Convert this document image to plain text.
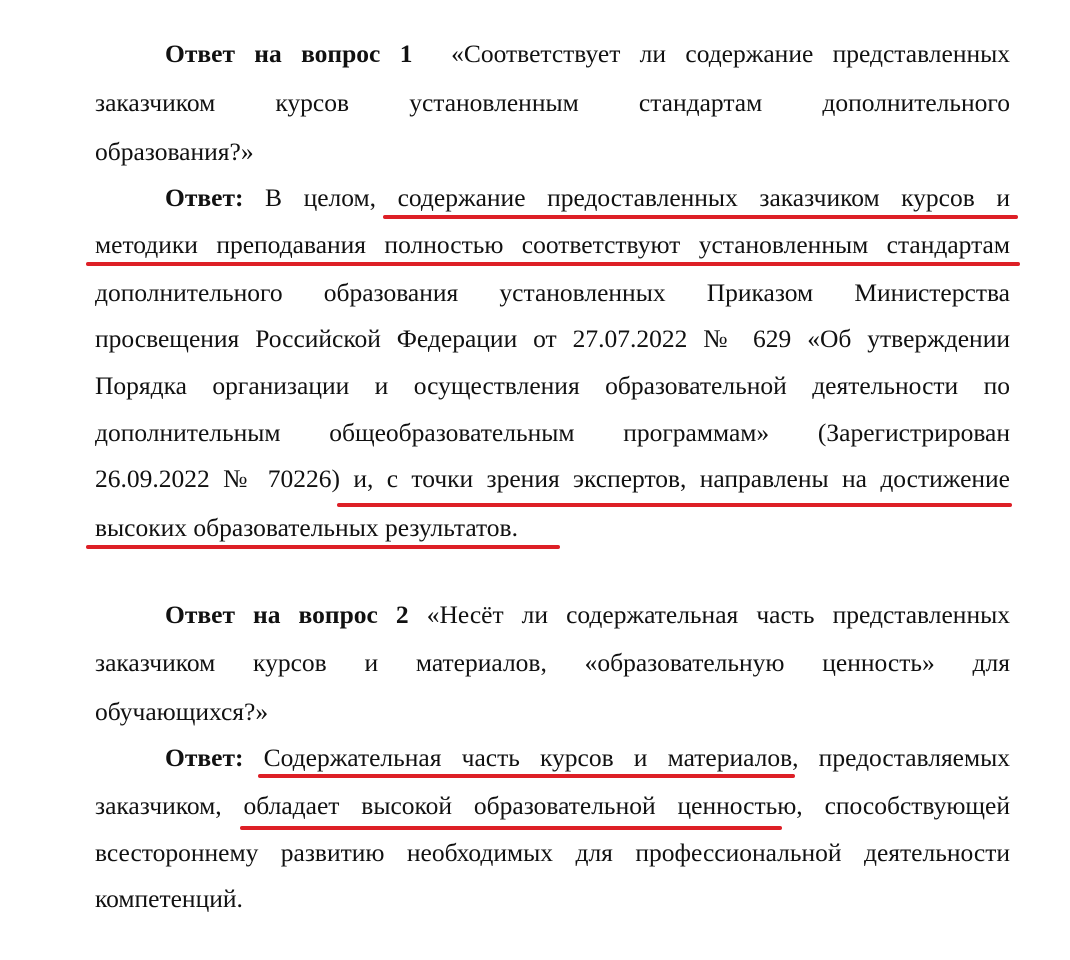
Ответ на вопрос 1  «Соответствует ли содержание представленных
заказчиком курсов установленным стандартам дополнительного
образования?»
Ответ: В целом, содержание предоставленных заказчиком курсов и
методики преподавания полностью соответствуют установленным стандартам
дополнительного образования установленных Приказом Министерства
просвещения Российской Федерации от 27.07.2022 № 629 «Об утверждении
Порядка организации и осуществления образовательной деятельности по
дополнительным общеобразовательным программам» (Зарегистрирован
26.09.2022 № 70226) и, с точки зрения экспертов, направлены на достижение
высоких образовательных результатов.
Ответ на вопрос 2 «Несёт ли содержательная часть представленных
заказчиком курсов и материалов, «образовательную ценность» для
обучающихся?»
Ответ: Содержательная часть курсов и материалов, предоставляемых
заказчиком, обладает высокой образовательной ценностью, способствующей
всестороннему развитию необходимых для профессиональной деятельности
компетенций.
